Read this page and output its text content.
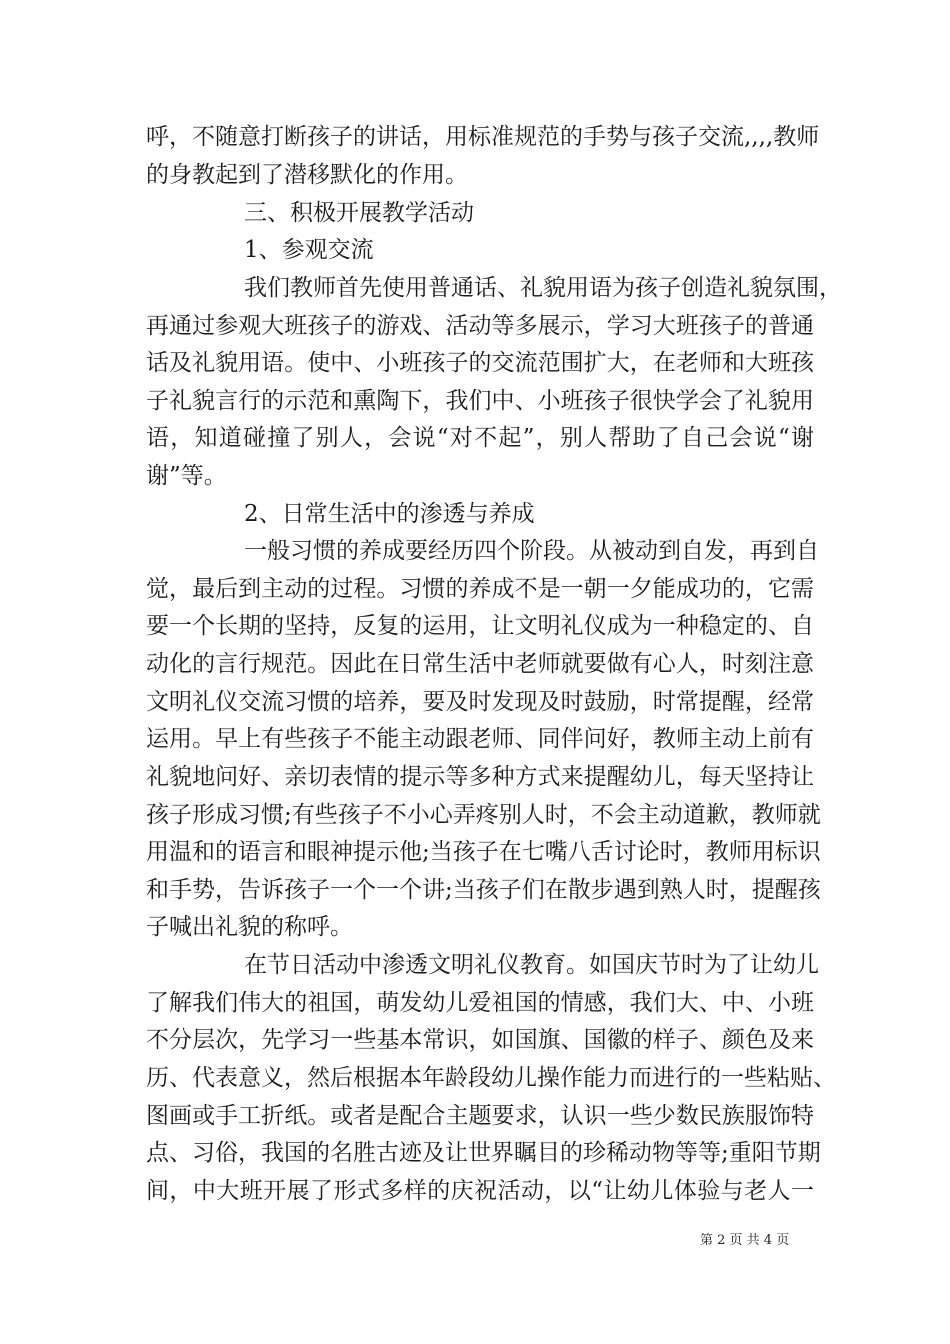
呼，不随意打断孩子的讲话，用标准规范的手势与孩子交流,,,,教师
的身教起到了潜移默化的作用。
三、积极开展教学活动
1、参观交流
我们教师首先使用普通话、礼貌用语为孩子创造礼貌氛围，
再通过参观大班孩子的游戏、活动等多展示，学习大班孩子的普通
话及礼貌用语。使中、小班孩子的交流范围扩大，在老师和大班孩
子礼貌言行的示范和熏陶下，我们中、小班孩子很快学会了礼貌用
语，知道碰撞了别人，会说“对不起”，别人帮助了自己会说“谢
谢”等。
2、日常生活中的渗透与养成
一般习惯的养成要经历四个阶段。从被动到自发，再到自
觉，最后到主动的过程。习惯的养成不是一朝一夕能成功的，它需
要一个长期的坚持，反复的运用，让文明礼仪成为一种稳定的、自
动化的言行规范。因此在日常生活中老师就要做有心人，时刻注意
文明礼仪交流习惯的培养，要及时发现及时鼓励，时常提醒，经常
运用。早上有些孩子不能主动跟老师、同伴问好，教师主动上前有
礼貌地问好、亲切表情的提示等多种方式来提醒幼儿，每天坚持让
孩子形成习惯;有些孩子不小心弄疼别人时，不会主动道歉，教师就
用温和的语言和眼神提示他;当孩子在七嘴八舌讨论时，教师用标识
和手势，告诉孩子一个一个讲;当孩子们在散步遇到熟人时，提醒孩
子喊出礼貌的称呼。
在节日活动中渗透文明礼仪教育。如国庆节时为了让幼儿
了解我们伟大的祖国，萌发幼儿爱祖国的情感，我们大、中、小班
不分层次，先学习一些基本常识，如国旗、国徽的样子、颜色及来
历、代表意义，然后根据本年龄段幼儿操作能力而进行的一些粘贴、
图画或手工折纸。或者是配合主题要求，认识一些少数民族服饰特
点、习俗，我国的名胜古迹及让世界瞩目的珍稀动物等等;重阳节期
间，中大班开展了形式多样的庆祝活动，以“让幼儿体验与老人一
第 2 页 共 4 页
